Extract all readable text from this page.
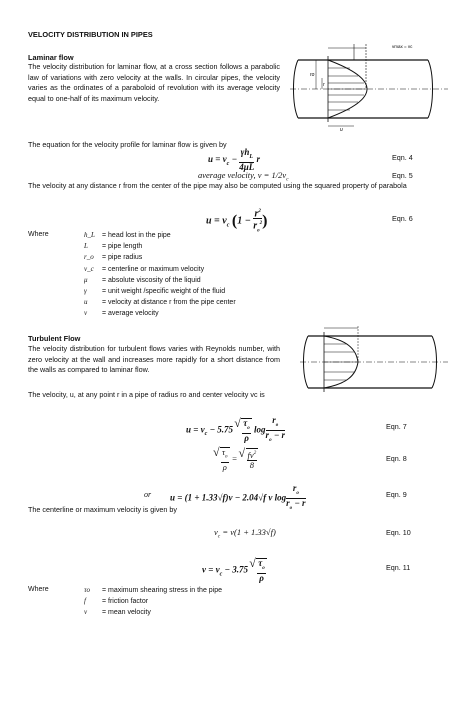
VELOCITY DISTRIBUTION IN PIPES
Laminar flow
The velocity distribution for laminar flow, at a cross section follows a parabolic law of variations with zero velocity at the walls. In circular pipes, the velocity varies as the ordinates of a paraboloid of revolution with its average velocity equal to one-half of its maximum velocity.
vmax = vc
ro
r
u
The equation for the velocity profile for laminar flow is given by
$u = v_c - \frac{\gamma h_L}{4\mu L}$ r	Eqn. 4
average velocity, $v = 1/2v_c$	Eqn. 5
The velocity at any distance r from the center of the pipe may also be computed using the squared property of parabola
$u = v_c$ ($1 - \frac{r^2}{r_o^2}$ )	Eqn. 6
Where	h_L = head lost in the pipe
L = pipe length
r_o = pipe radius
v_c = centerline or maximum velocity
μ = absolute viscosity of the liquid
γ = unit weight /specific weight of the fluid
u = velocity at distance r from the pipe center
v = average velocity
Turbulent Flow
The velocity distribution for turbulent flows varies with Reynolds number, with zero velocity at the wall and increases more rapidly for a short distance from the walls as compared to laminar flow.
The velocity, u, at any point r in a pipe of radius ro and center velocity vc is
$u = v_c - 5.75$ √ $\frac{\tau_o}{\rho}$ $\log \frac{r_o}{r_o - r}$	Eqn. 7
√ $\frac{\tau_o}{\rho}$ = √ $\frac{fv^2}{8}$	Eqn. 8
or u = (1 + 1.33√f)v − 2.04√f v $\log \frac{r_o}{r_o - r}$	Eqn. 9
The centerline or maximum velocity is given by
$v_c = v(1 + 1.33√f)$	Eqn. 10
$v = v_c - 3.75$ √ $\frac{\tau_o}{\rho}$	Eqn. 11
Where	τo = maximum shearing stress in the pipe
f = friction factor
v = mean velocity
